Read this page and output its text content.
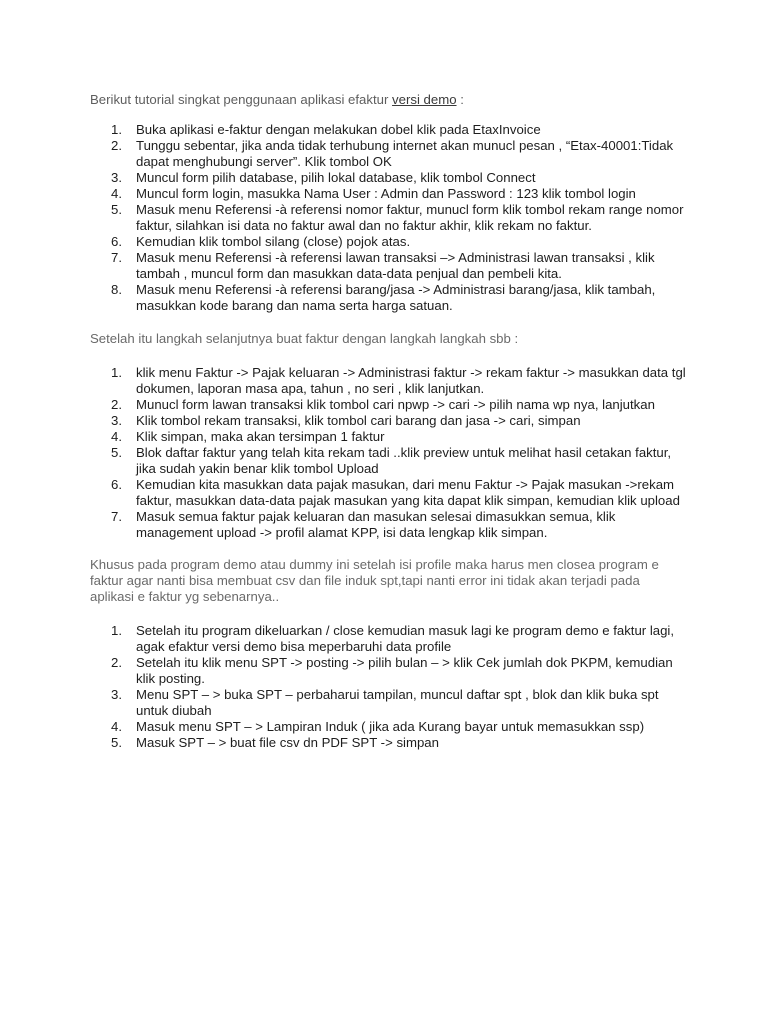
Berikut tutorial singkat penggunaan aplikasi efaktur versi demo :

1. Buka aplikasi e-faktur dengan melakukan dobel klik pada EtaxInvoice
2. Tunggu sebentar, jika anda tidak terhubung internet akan munucl pesan , “Etax-40001:Tidak dapat menghubungi server”. Klik tombol OK
3. Muncul form pilih database, pilih lokal database, klik tombol Connect
4. Muncul form login, masukka Nama User : Admin dan Password : 123 klik tombol login
5. Masuk menu Referensi -à referensi nomor faktur, munucl form klik tombol rekam range nomor faktur, silahkan isi data no faktur awal dan no faktur akhir, klik rekam no faktur.
6. Kemudian klik tombol silang (close) pojok atas.
7. Masuk menu Referensi -à referensi lawan transaksi –> Administrasi lawan transaksi , klik tambah , muncul form dan masukkan data-data penjual dan pembeli kita.
8. Masuk menu Referensi -à referensi barang/jasa -> Administrasi barang/jasa, klik tambah, masukkan kode barang dan nama serta harga satuan.

Setelah itu langkah selanjutnya buat faktur dengan langkah langkah sbb :

1. klik menu Faktur -> Pajak keluaran -> Administrasi faktur -> rekam faktur -> masukkan data tgl dokumen, laporan masa apa, tahun , no seri , klik lanjutkan.
2. Munucl form lawan transaksi klik tombol cari npwp -> cari -> pilih nama wp nya, lanjutkan
3. Klik tombol rekam transaksi, klik tombol cari barang dan jasa -> cari, simpan
4. Klik simpan, maka akan tersimpan 1 faktur
5. Blok daftar faktur yang telah kita rekam tadi ..klik preview untuk melihat hasil cetakan faktur, jika sudah yakin benar klik tombol Upload
6. Kemudian kita masukkan data pajak masukan, dari menu Faktur -> Pajak masukan ->rekam faktur, masukkan data-data pajak masukan yang kita dapat klik simpan, kemudian klik upload
7. Masuk semua faktur pajak keluaran dan masukan selesai dimasukkan semua, klik management upload -> profil alamat KPP, isi data lengkap klik simpan.

Khusus pada program demo atau dummy ini setelah isi profile maka harus men closea program e faktur agar nanti bisa membuat csv dan file induk spt,tapi nanti error ini tidak akan terjadi pada aplikasi e faktur yg sebenarnya..

1. Setelah itu program dikeluarkan / close kemudian masuk lagi ke program demo e faktur lagi, agak efaktur versi demo bisa meperbaruhi data profile
2. Setelah itu klik menu SPT -> posting -> pilih bulan – > klik Cek jumlah dok PKPM, kemudian klik posting.
3. Menu SPT – > buka SPT – perbaharui tampilan, muncul daftar spt , blok dan klik buka spt untuk diubah
4. Masuk menu SPT – > Lampiran Induk ( jika ada Kurang bayar untuk memasukkan ssp)
5. Masuk SPT – > buat file csv dn PDF SPT -> simpan
